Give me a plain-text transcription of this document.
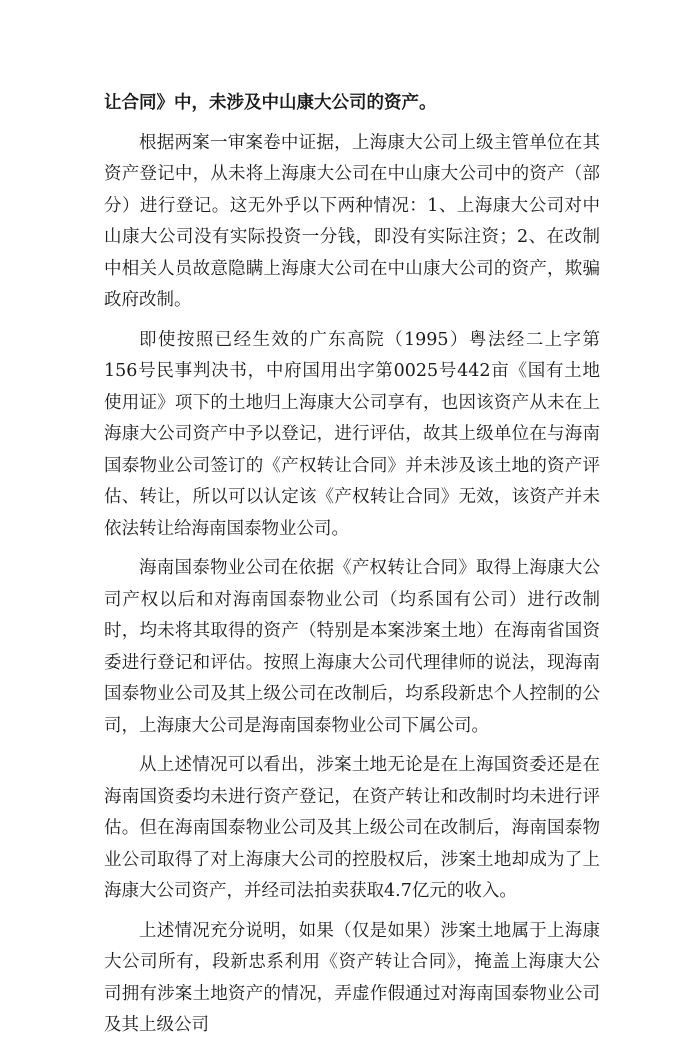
让合同》中，未涉及中山康大公司的资产。

根据两案一审案卷中证据，上海康大公司上级主管单位在其资产登记中，从未将上海康大公司在中山康大公司中的资产（部分）进行登记。这无外乎以下两种情况：1、上海康大公司对中山康大公司没有实际投资一分钱，即没有实际注资；2、在改制中相关人员故意隐瞒上海康大公司在中山康大公司的资产，欺骗政府改制。

即使按照已经生效的广东高院（1995）粤法经二上字第156号民事判决书，中府国用出字第0025号442亩《国有土地使用证》项下的土地归上海康大公司享有，也因该资产从未在上海康大公司资产中予以登记，进行评估，故其上级单位在与海南国泰物业公司签订的《产权转让合同》并未涉及该土地的资产评估、转让，所以可以认定该《产权转让合同》无效，该资产并未依法转让给海南国泰物业公司。

海南国泰物业公司在依据《产权转让合同》取得上海康大公司产权以后和对海南国泰物业公司（均系国有公司）进行改制时，均未将其取得的资产（特别是本案涉案土地）在海南省国资委进行登记和评估。按照上海康大公司代理律师的说法，现海南国泰物业公司及其上级公司在改制后，均系段新忠个人控制的公司，上海康大公司是海南国泰物业公司下属公司。

从上述情况可以看出，涉案土地无论是在上海国资委还是在海南国资委均未进行资产登记，在资产转让和改制时均未进行评估。但在海南国泰物业公司及其上级公司在改制后，海南国泰物业公司取得了对上海康大公司的控股权后，涉案土地却成为了上海康大公司资产，并经司法拍卖获取4.7亿元的收入。

上述情况充分说明，如果（仅是如果）涉案土地属于上海康大公司所有，段新忠系利用《资产转让合同》，掩盖上海康大公司拥有涉案土地资产的情况，弄虚作假通过对海南国泰物业公司及其上级公司
